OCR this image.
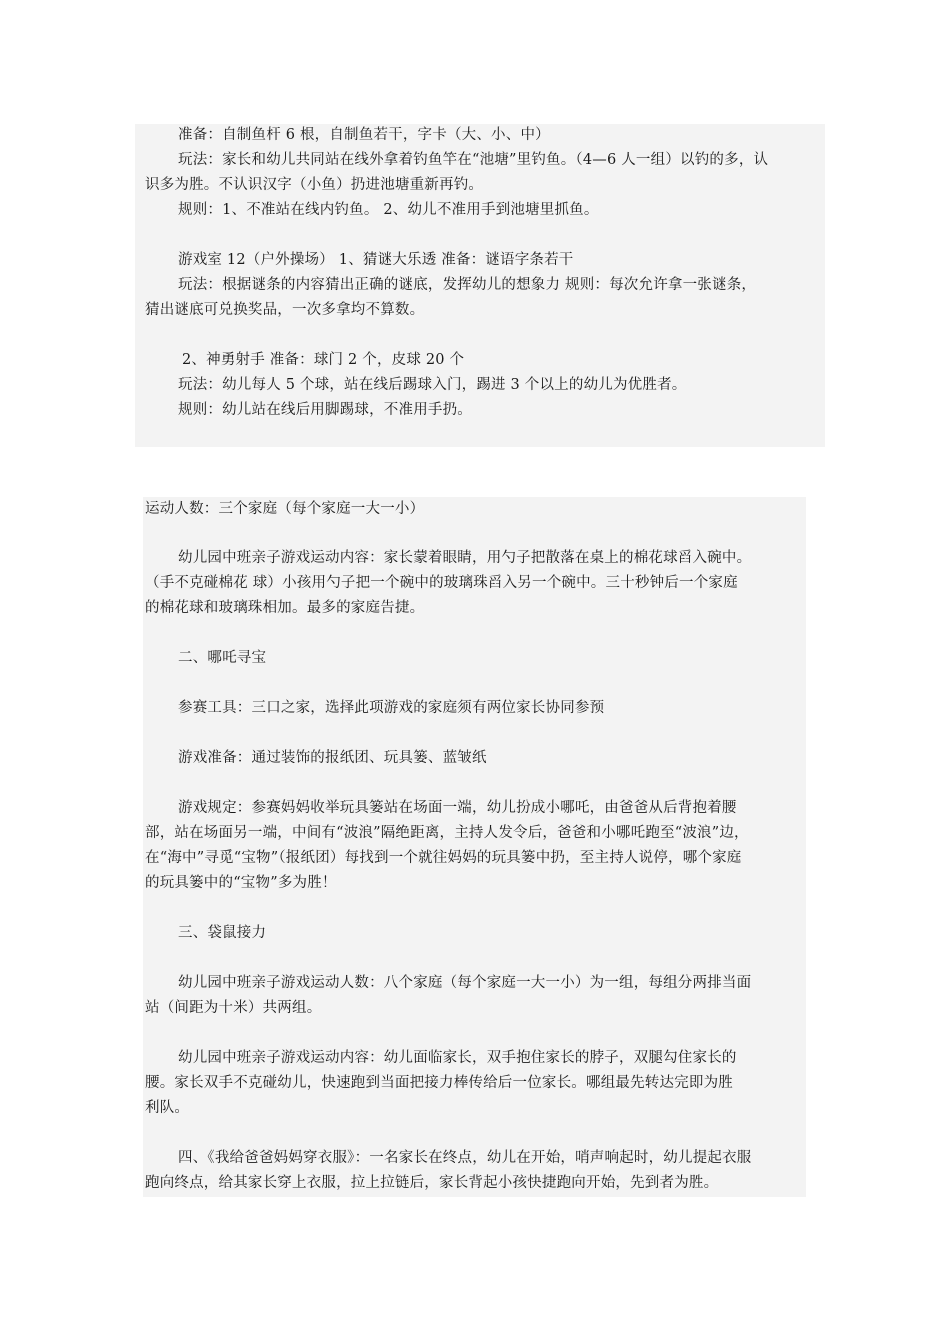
准备：自制鱼杆 6 根，自制鱼若干，字卡（大、小、中）
玩法：家长和幼儿共同站在线外拿着钓鱼竿在“池塘”里钓鱼。（4—6 人一组）以钓的多，认
识多为胜。不认识汉字（小鱼）扔进池塘重新再钓。
规则：1、不准站在线内钓鱼。 2、幼儿不准用手到池塘里抓鱼。
游戏室 12（户外操场） 1、猜谜大乐透 准备：谜语字条若干
玩法：根据谜条的内容猜出正确的谜底，发挥幼儿的想象力 规则：每次允许拿一张谜条，
猜出谜底可兑换奖品，一次多拿均不算数。
2、神勇射手 准备：球门 2 个，皮球 20 个
玩法：幼儿每人 5 个球，站在线后踢球入门，踢进 3 个以上的幼儿为优胜者。
规则：幼儿站在线后用脚踢球，不准用手扔。
运动人数：三个家庭（每个家庭一大一小）
幼儿园中班亲子游戏运动内容：家长蒙着眼睛，用勺子把散落在桌上的棉花球舀入碗中。
（手不克碰棉花 球）小孩用勺子把一个碗中的玻璃珠舀入另一个碗中。三十秒钟后一个家庭
的棉花球和玻璃珠相加。最多的家庭告捷。
二、哪吒寻宝
参赛工具：三口之家，选择此项游戏的家庭须有两位家长协同参预
游戏准备：通过装饰的报纸团、玩具篓、蓝皱纸
游戏规定：参赛妈妈收举玩具篓站在场面一端，幼儿扮成小哪吒，由爸爸从后背抱着腰
部，站在场面另一端，中间有“波浪”隔绝距离，主持人发令后，爸爸和小哪吒跑至“波浪”边，
在“海中”寻觅“宝物”（报纸团）每找到一个就往妈妈的玩具篓中扔，至主持人说停，哪个家庭
的玩具篓中的“宝物”多为胜！
三、袋鼠接力
幼儿园中班亲子游戏运动人数：八个家庭（每个家庭一大一小）为一组，每组分两排当面
站（间距为十米）共两组。
幼儿园中班亲子游戏运动内容：幼儿面临家长，双手抱住家长的脖子，双腿勾住家长的
腰。家长双手不克碰幼儿，快速跑到当面把接力棒传给后一位家长。哪组最先转达完即为胜
利队。
四、《我给爸爸妈妈穿衣服》：一名家长在终点，幼儿在开始，哨声响起时，幼儿提起衣服
跑向终点，给其家长穿上衣服，拉上拉链后，家长背起小孩快捷跑向开始，先到者为胜。
